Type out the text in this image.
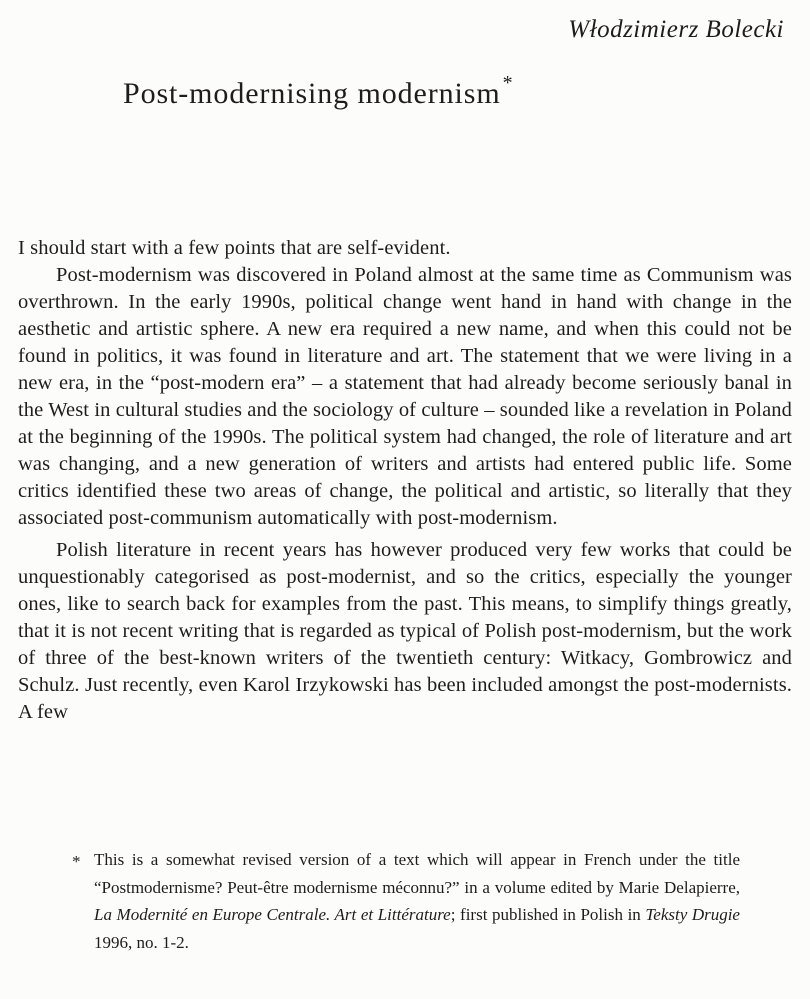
Włodzimierz Bolecki
Post-modernising modernism *

I should start with a few points that are self-evident.

Post-modernism was discovered in Poland almost at the same time as Communism was overthrown. In the early 1990s, political change went hand in hand with change in the aesthetic and artistic sphere. A new era required a new name, and when this could not be found in politics, it was found in literature and art. The statement that we were living in a new era, in the “post-modern era” – a statement that had already become seriously banal in the West in cultural studies and the sociology of culture – sounded like a revelation in Poland at the beginning of the 1990s. The political system had changed, the role of literature and art was changing, and a new generation of writers and artists had entered public life. Some critics identified these two areas of change, the political and artistic, so literally that they associated post-communism automatically with post-modernism.

Polish literature in recent years has however produced very few works that could be unquestionably categorised as post-modernist, and so the critics, especially the younger ones, like to search back for examples from the past. This means, to simplify things greatly, that it is not recent writing that is regarded as typical of Polish post-modernism, but the work of three of the best-known writers of the twentieth century: Witkacy, Gombrowicz and Schulz. Just recently, even Karol Irzykowski has been included amongst the post-modernists. A few

* This is a somewhat revised version of a text which will appear in French under the title “Postmodernisme? Peut-être modernisme méconnu?” in a volume edited by Marie Delapierre, La Modernité en Europe Centrale. Art et Littérature; first published in Polish in Teksty Drugie 1996, no. 1-2.
